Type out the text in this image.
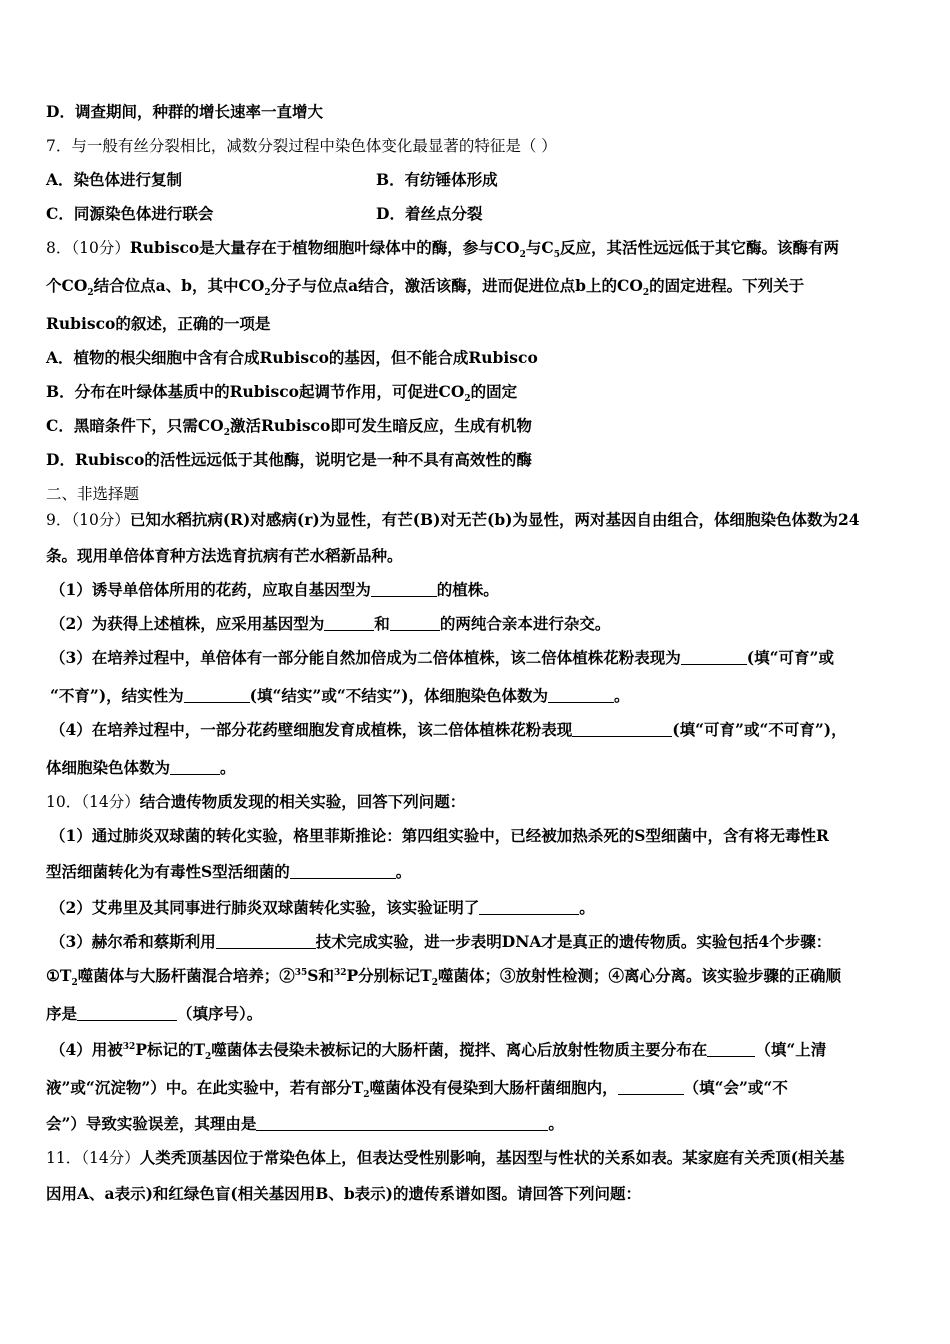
D．调查期间，种群的增长速率一直增大
7．与一般有丝分裂相比，减数分裂过程中染色体变化最显著的特征是（ ）
A．染色体进行复制	B．有纺锤体形成
C．同源染色体进行联会	D．着丝点分裂
8．（10分）Rubisco是大量存在于植物细胞叶绿体中的酶，参与$CO_2$与$C_5$反应，其活性远远低于其它酶。该酶有两
个$CO_2$结合位点a、b，其中$CO_2$分子与位点a结合，激活该酶，进而促进位点b上的$CO_2$的固定进程。下列关于
Rubisco的叙述，正确的一项是
A．植物的根尖细胞中含有合成Rubisco的基因，但不能合成Rubisco
B．分布在叶绿体基质中的Rubisco起调节作用，可促进$CO_2$的固定
C．黑暗条件下，只需$CO_2$激活Rubisco即可发生暗反应，生成有机物
D．Rubisco的活性远远低于其他酶，说明它是一种不具有高效性的酶
二、非选择题
9．（10分）已知水稻抗病(R)对感病(r)为显性，有芒(B)对无芒(b)为显性，两对基因自由组合，体细胞染色体数为24
条。现用单倍体育种方法选育抗病有芒水稻新品种。
（1）诱导单倍体所用的花药，应取自基因型为	的植株。
（2）为获得上述植株，应采用基因型为	和	的两纯合亲本进行杂交。
（3）在培养过程中，单倍体有一部分能自然加倍成为二倍体植株，该二倍体植株花粉表现为	(填“可育”或
“不育”)，结实性为	(填“结实”或“不结实”)，体细胞染色体数为	。
（4）在培养过程中，一部分花药壁细胞发育成植株，该二倍体植株花粉表现	(填“可育”或“不可育”)，
体细胞染色体数为	。
10．（14分）结合遗传物质发现的相关实验，回答下列问题：
（1）通过肺炎双球菌的转化实验，格里菲斯推论：第四组实验中，已经被加热杀死的S型细菌中，含有将无毒性R
型活细菌转化为有毒性S型活细菌的	。
（2）艾弗里及其同事进行肺炎双球菌转化实验，该实验证明了	。
（3）赫尔希和蔡斯利用	技术完成实验，进一步表明DNA才是真正的遗传物质。实验包括4个步骤：
$①T_2$噬菌体与大肠杆菌混合培养；②$^{35}$S和$^{32}$P分别标记$T_2$噬菌体；③放射性检测；④离心分离。该实验步骤的正确顺
序是	（填序号）。
（4）用被$^{32}$P标记的$T_2$噬菌体去侵染未被标记的大肠杆菌，搅拌、离心后放射性物质主要分布在	（填“上清
液”或“沉淀物”）中。在此实验中，若有部分$T_2$噬菌体没有侵染到大肠杆菌细胞内，	（填“会”或“不
会”）导致实验误差，其理由是	。
11．（14分）人类秃顶基因位于常染色体上，但表达受性别影响，基因型与性状的关系如表。某家庭有关秃顶(相关基
因用A、a表示)和红绿色盲(相关基因用B、b表示)的遗传系谱如图。请回答下列问题：
